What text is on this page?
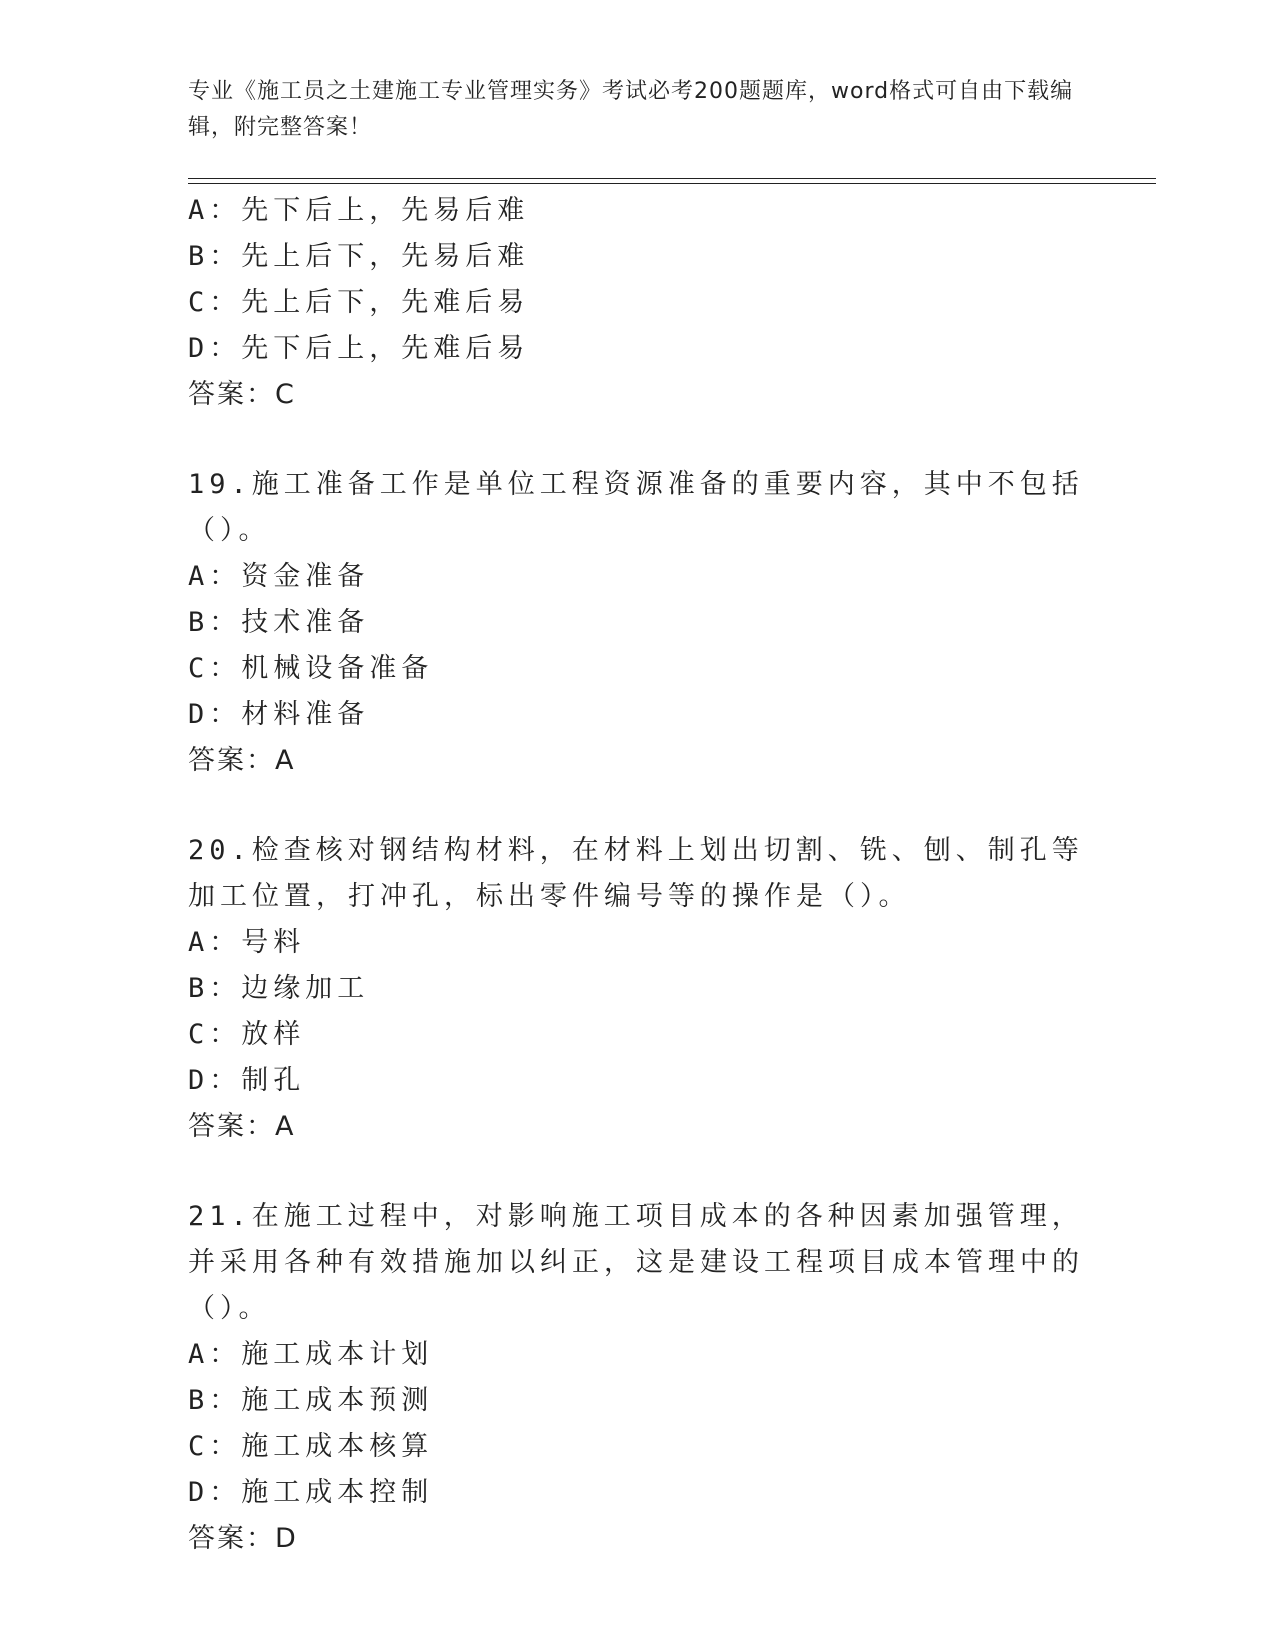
专业《施工员之土建施工专业管理实务》考试必考200题题库，word格式可自由下载编辑，附完整答案！
A：先下后上，先易后难
B：先上后下，先易后难
C：先上后下，先难后易
D：先下后上，先难后易
答案：C
19.施工准备工作是单位工程资源准备的重要内容，其中不包括（）。
A：资金准备
B：技术准备
C：机械设备准备
D：材料准备
答案：A
20.检查核对钢结构材料，在材料上划出切割、铣、刨、制孔等加工位置，打冲孔，标出零件编号等的操作是（）。
A：号料
B：边缘加工
C：放样
D：制孔
答案：A
21.在施工过程中，对影响施工项目成本的各种因素加强管理，并采用各种有效措施加以纠正，这是建设工程项目成本管理中的（）。
A：施工成本计划
B：施工成本预测
C：施工成本核算
D：施工成本控制
答案：D
